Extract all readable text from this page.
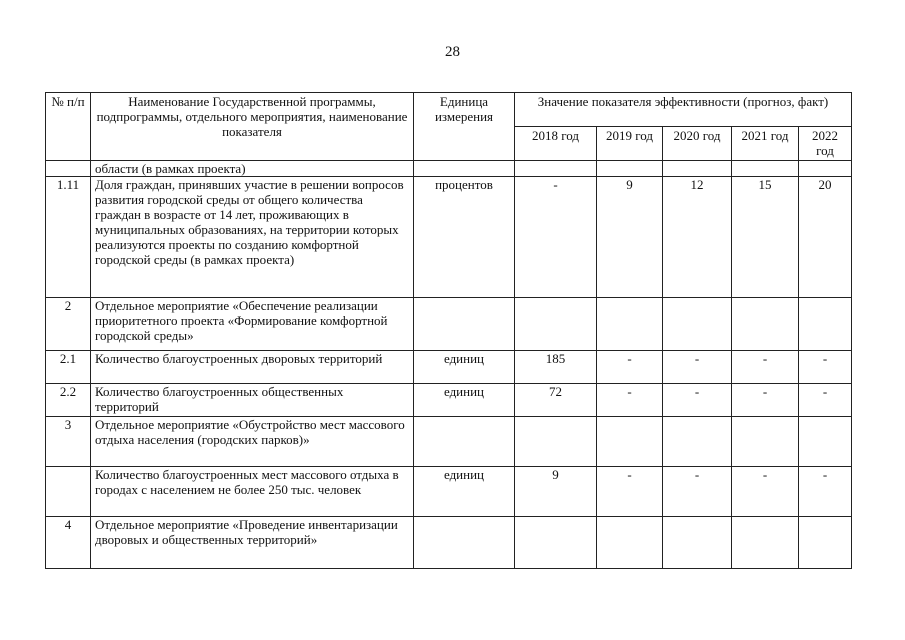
28
№ п/п	Наименование Государственной программы, подпрограммы, отдельного мероприятия, наименование показателя	Единица измерения	Значение показателя эффективности (прогноз, факт)				
			2018 год	2019 год	2020 год	2021 год	2022 год
	области (в рамках проекта)						
1.11	Доля граждан, принявших участие в решении вопросов развития городской среды от общего количества граждан в возрасте от 14 лет, проживающих в муниципальных образованиях, на территории которых реализуются проекты по созданию комфортной городской среды (в рамках проекта)	процентов	-	9	12	15	20
2	Отдельное мероприятие «Обеспечение реализации приоритетного проекта «Формирование комфортной городской среды»						
2.1	Количество благоустроенных дворовых территорий	единиц	185	-	-	-	-
2.2	Количество благоустроенных общественных территорий	единиц	72	-	-	-	-
3	Отдельное мероприятие «Обустройство мест массового отдыха населения (городских парков)»						
	Количество благоустроенных мест массового отдыха в городах с населением не более 250 тыс. человек	единиц	9	-	-	-	-
4	Отдельное мероприятие «Проведение инвентаризации дворовых и общественных территорий»						
